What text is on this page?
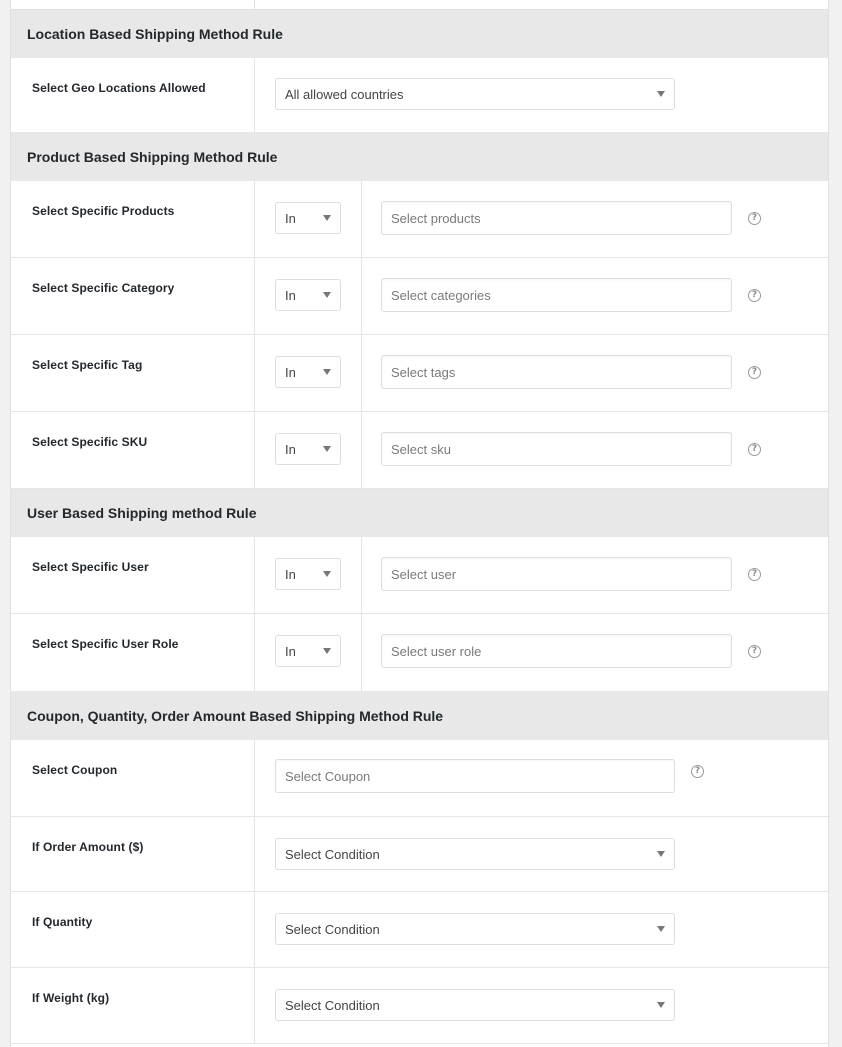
Location Based Shipping Method Rule
Select Geo Locations Allowed	All allowed countries
Product Based Shipping Method Rule
Select Specific Products	In	Select products	?
Select Specific Category	In	Select categories	?
Select Specific Tag	In	Select tags	?
Select Specific SKU	In	Select sku	?
User Based Shipping method Rule
Select Specific User	In	Select user	?
Select Specific User Role	In	Select user role	?
Coupon, Quantity, Order Amount Based Shipping Method Rule
Select Coupon	Select Coupon	?
If Order Amount ($)	Select Condition
If Quantity	Select Condition
If Weight (kg)	Select Condition
